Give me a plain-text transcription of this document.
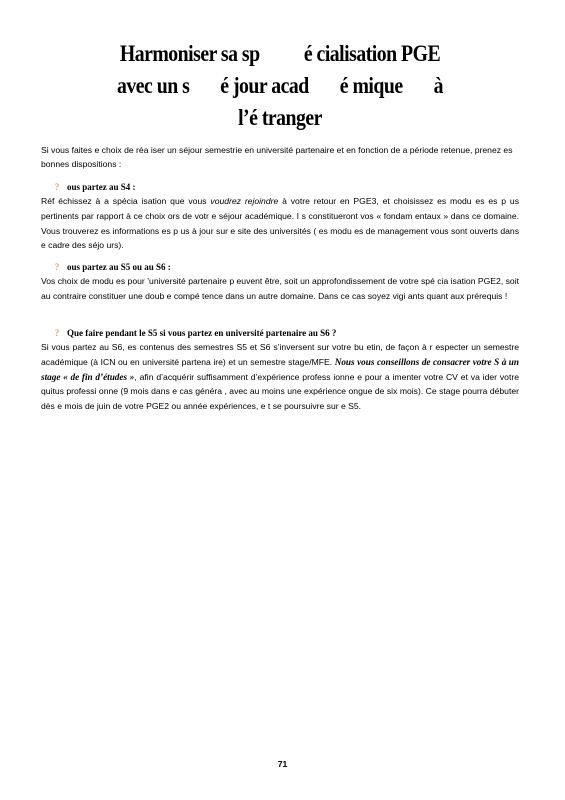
Harmoniser sa sp          é cialisation PGE
avec un s       é jour acad       é mique       à
l’é tranger
Si vous faites e choix de réa iser un séjour semestrie en université partenaire et en fonction de a période retenue, prenez es bonnes dispositions :
? ous partez au S4 :
Réf échissez à a spécia isation que vous voudrez rejoindre à votre retour en PGE3, et choisissez es modu es es p us pertinents par rapport à ce choix ors de votr e séjour académique. I s constitueront vos « fondam entaux » dans ce domaine. Vous trouverez es informations es p us à jour sur e site des universités ( es modu es de management vous sont ouverts dans e cadre des séjo urs).
? ous partez au S5 ou au S6 :
Vos choix de modu es pour ’université partenaire p euvent être, soit un approfondissement de votre spé cia isation PGE2, soit au contraire constituer une doub e compé tence dans un autre domaine. Dans ce cas soyez vigi ants quant aux prérequis !
? Que faire pendant le S5 si vous partez en université partenaire au S6 ?
Si vous partez au S6, es contenus des semestres S5 et S6 s’inversent sur votre bu etin, de façon à r especter un semestre académique (à ICN ou en université partena ire) et un semestre stage/MFE. Nous vous conseillons de consacrer votre S à un stage « de fin d’études », afin d’acquérir suffisamment d’expérience profess ionne e pour a imenter votre CV et va ider votre quitus professi onne (9 mois dans e cas généra , avec au moins une expérience ongue de six mois). Ce stage pourra débuter dès e mois de juin de votre PGE2 ou année expériences, e t se poursuivre sur e S5.
71
